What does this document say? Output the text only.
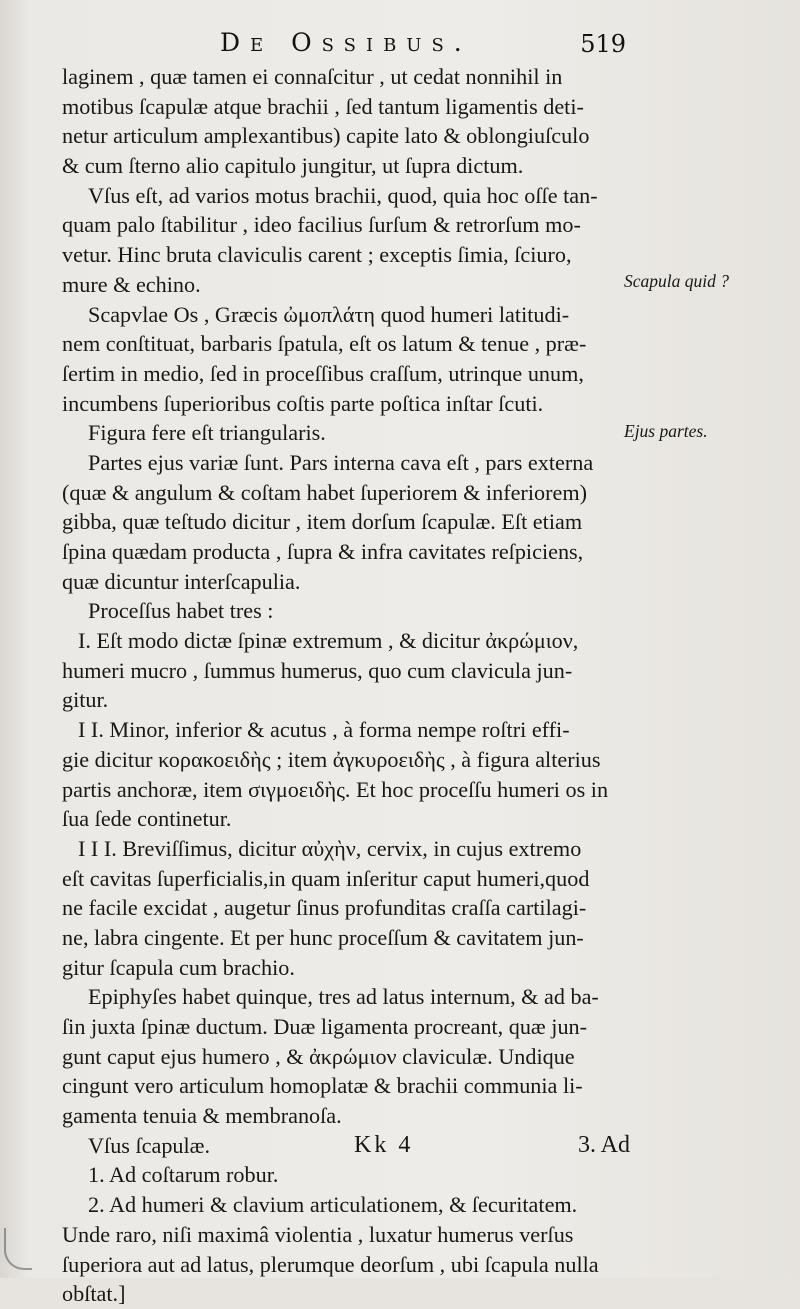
De Ossibus.	519
laginem , quæ tamen ei connaſcitur , ut cedat nonnihil in
motibus ſcapulæ atque brachii , ſed tantum ligamentis deti-
netur articulum amplexantibus) capite lato & oblongiuſculo
& cum ſterno alio capitulo jungitur, ut ſupra dictum.
Vſus eſt, ad varios motus brachii, quod, quia hoc oſſe tan-
quam palo ſtabilitur , ideo facilius ſurſum & retrorſum mo-
vetur. Hinc bruta claviculis carent ; exceptis ſimia, ſciuro,
mure & echino.
Scapvlae Os , Græcis ὠμοπλάτη quod humeri latitudi-
nem conſtituat, barbaris ſpatula, eſt os latum & tenue , præ-
ſertim in medio, ſed in proceſſibus craſſum, utrinque unum,
incumbens ſuperioribus coſtis parte poſtica inſtar ſcuti.
Figura fere eſt triangularis.
Partes ejus variæ ſunt. Pars interna cava eſt , pars externa
(quæ & angulum & coſtam habet ſuperiorem & inferiorem)
gibba, quæ teſtudo dicitur , item dorſum ſcapulæ. Eſt etiam
ſpina quædam producta , ſupra & infra cavitates reſpiciens,
quæ dicuntur interſcapulia.
Proceſſus habet tres :
I. Eſt modo dictæ ſpinæ extremum , & dicitur ἀκρώμιον,
humeri mucro , ſummus humerus, quo cum clavicula jun-
gitur.
I I. Minor, inferior & acutus , à forma nempe roſtri effi-
gie dicitur κορακοειδὴς ; item ἀγκυροειδὴς , à figura alterius
partis anchoræ, item σιγμοειδὴς. Et hoc proceſſu humeri os in
ſua ſede continetur.
I I I. Breviſſimus, dicitur αὐχὴν, cervix, in cujus extremo
eſt cavitas ſuperficialis,in quam inſeritur caput humeri,quod
ne facile excidat , augetur ſinus profunditas craſſa cartilagi-
ne, labra cingente. Et per hunc proceſſum & cavitatem jun-
gitur ſcapula cum brachio.
Epiphyſes habet quinque, tres ad latus internum, & ad ba-
ſin juxta ſpinæ ductum. Duæ ligamenta procreant, quæ jun-
gunt caput ejus humero , & ἀκρώμιον claviculæ. Undique
cingunt vero articulum homoplatæ & brachii communia li-
gamenta tenuia & membranoſa.
Vſus ſcapulæ.
1. Ad coſtarum robur.
2. Ad humeri & clavium articulationem, & ſecuritatem.
Unde raro, niſi maximâ violentia , luxatur humerus verſus
ſuperiora aut ad latus, plerumque deorſum , ubi ſcapula nulla
obſtat.]
Scapula quid ?
Ejus partes.
Kk 4	3. Ad
